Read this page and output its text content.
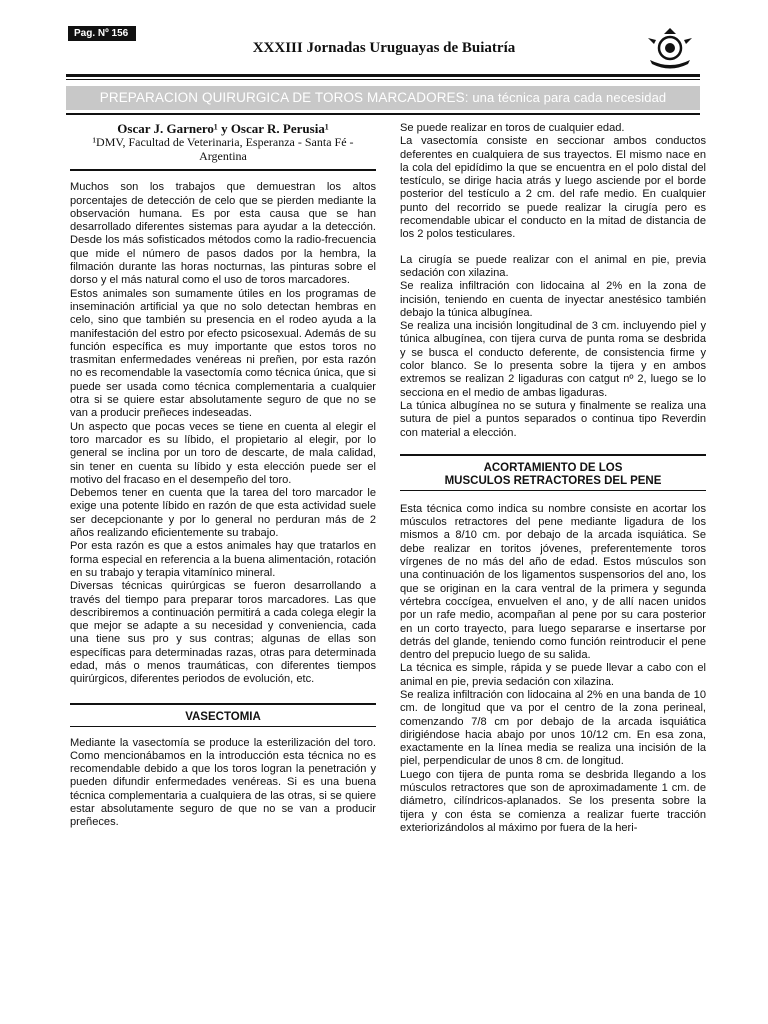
Pag. Nº 156
XXXIII Jornadas Uruguayas de Buiatría
PREPARACION QUIRURGICA DE TOROS MARCADORES: una técnica para cada necesidad

Oscar J. Garnero¹ y Oscar R. Perusia¹

¹DMV, Facultad de Veterinaria, Esperanza - Santa Fé -
Argentina

Muchos son los trabajos que demuestran los altos porcentajes de detección de celo que se pierden mediante la observación humana. Es por esta causa que se han desarrollado diferentes sistemas para ayudar a la detección. Desde los más sofisticados métodos como la radio-frecuencia que mide el número de pasos dados por la hembra, la filmación durante las horas nocturnas, las pinturas sobre el dorso y el más natural como el uso de toros marcadores.

Estos animales son sumamente útiles en los programas de inseminación artificial ya que no solo detectan hembras en celo, sino que también su presencia en el rodeo ayuda a la manifestación del estro por efecto psicosexual. Además de su función específica es muy importante que estos toros no trasmitan enfermedades venéreas ni preñen, por esta razón no es recomendable la vasectomía como técnica única, que si puede ser usada como técnica complementaria a cualquier otra si se quiere estar absolutamente seguro de que no se van a producir preñeces indeseadas.

Un aspecto que pocas veces se tiene en cuenta al elegir el toro marcador es su líbido, el propietario al elegir, por lo general se inclina por un toro de descarte, de mala calidad, sin tener en cuenta su líbido y esta elección puede ser el motivo del fracaso en el desempeño del toro.

Debemos tener en cuenta que la tarea del toro marcador le exige una potente líbido en razón de que esta actividad suele ser decepcionante y por lo general no perduran más de 2 años realizando eficientemente su trabajo.

Por esta razón es que a estos animales hay que tratarlos en forma especial en referencia a la buena alimentación, rotación en su trabajo y terapia vitamínico mineral.

Diversas técnicas quirúrgicas se fueron desarrollando a través del tiempo para preparar toros marcadores. Las que describiremos a continuación permitirá a cada colega elegir la que mejor se adapte a su necesidad y conveniencia, cada una tiene sus pro y sus contras; algunas de ellas son específicas para determinadas razas, otras para determinada edad, más o menos traumáticas, con diferentes tiempos quirúrgicos, diferentes periodos de evolución, etc.

VASECTOMIA

Mediante la vasectomía se produce la esterilización del toro. Como mencionábamos en la introducción esta técnica no es recomendable debido a que los toros logran la penetración y pueden difundir enfermedades venéreas. Si es una buena técnica complementaria a cualquiera de las otras, si se quiere estar absolutamente seguro de que no se van a producir preñeces.

Se puede realizar en toros de cualquier edad.

La vasectomía consiste en seccionar ambos conductos deferentes en cualquiera de sus trayectos. El mismo nace en la cola del epidídimo la que se encuentra en el polo distal del testículo, se dirige hacia atrás y luego asciende por el borde posterior del testículo a 2 cm. del rafe medio. En cualquier punto del recorrido se puede realizar la cirugía pero es recomendable ubicar el conducto en la mitad de distancia de los 2 polos testiculares.

La cirugía se puede realizar con el animal en pie, previa sedación con xilazina.

Se realiza infiltración con lidocaina al 2% en la zona de incisión, teniendo en cuenta de inyectar anestésico también debajo la túnica albugínea.

Se realiza una incisión longitudinal de 3 cm. incluyendo piel y túnica albugínea, con tijera curva de punta roma se desbrida y se busca el conducto deferente, de consistencia firme y color blanco. Se lo presenta sobre la tijera y en ambos extremos se realizan 2 ligaduras con catgut nº 2, luego se lo secciona en el medio de ambas ligaduras.

La túnica albugínea no se sutura y finalmente se realiza una sutura de piel a puntos separados o continua tipo Reverdin con material a elección.

ACORTAMIENTO DE LOS
MUSCULOS RETRACTORES DEL PENE

Esta técnica como indica su nombre consiste en acortar los músculos retractores del pene mediante ligadura de los mismos a 8/10 cm. por debajo de la arcada isquiática. Se debe realizar en toritos jóvenes, preferentemente toros vírgenes de no más del año de edad. Estos músculos son una continuación de los ligamentos suspensorios del ano, los que se originan en la cara ventral de la primera y segunda vértebra coccígea, envuelven el ano, y de allí nacen unidos por un rafe medio, acompañan al pene por su cara posterior en un corto trayecto, para luego separarse e insertarse por detrás del glande, teniendo como función reintroducir el pene dentro del prepucio luego de su salida.

La técnica es simple, rápida y se puede llevar a cabo con el animal en pie, previa sedación con xilazina.

Se realiza infiltración con lidocaina al 2% en una banda de 10 cm. de longitud que va por el centro de la zona perineal, comenzando 7/8 cm por debajo de la arcada isquiática dirigiéndose hacia abajo por unos 10/12 cm. En esa zona, exactamente en la línea media se realiza una incisión de la piel, perpendicular de unos 8 cm. de longitud.

Luego con tijera de punta roma se desbrida llegando a los músculos retractores que son de aproximadamente 1 cm. de diámetro, cilíndricos-aplanados. Se los presenta sobre la tijera y con ésta se comienza a realizar fuerte tracción exteriorizándolos al máximo por fuera de la heri-
